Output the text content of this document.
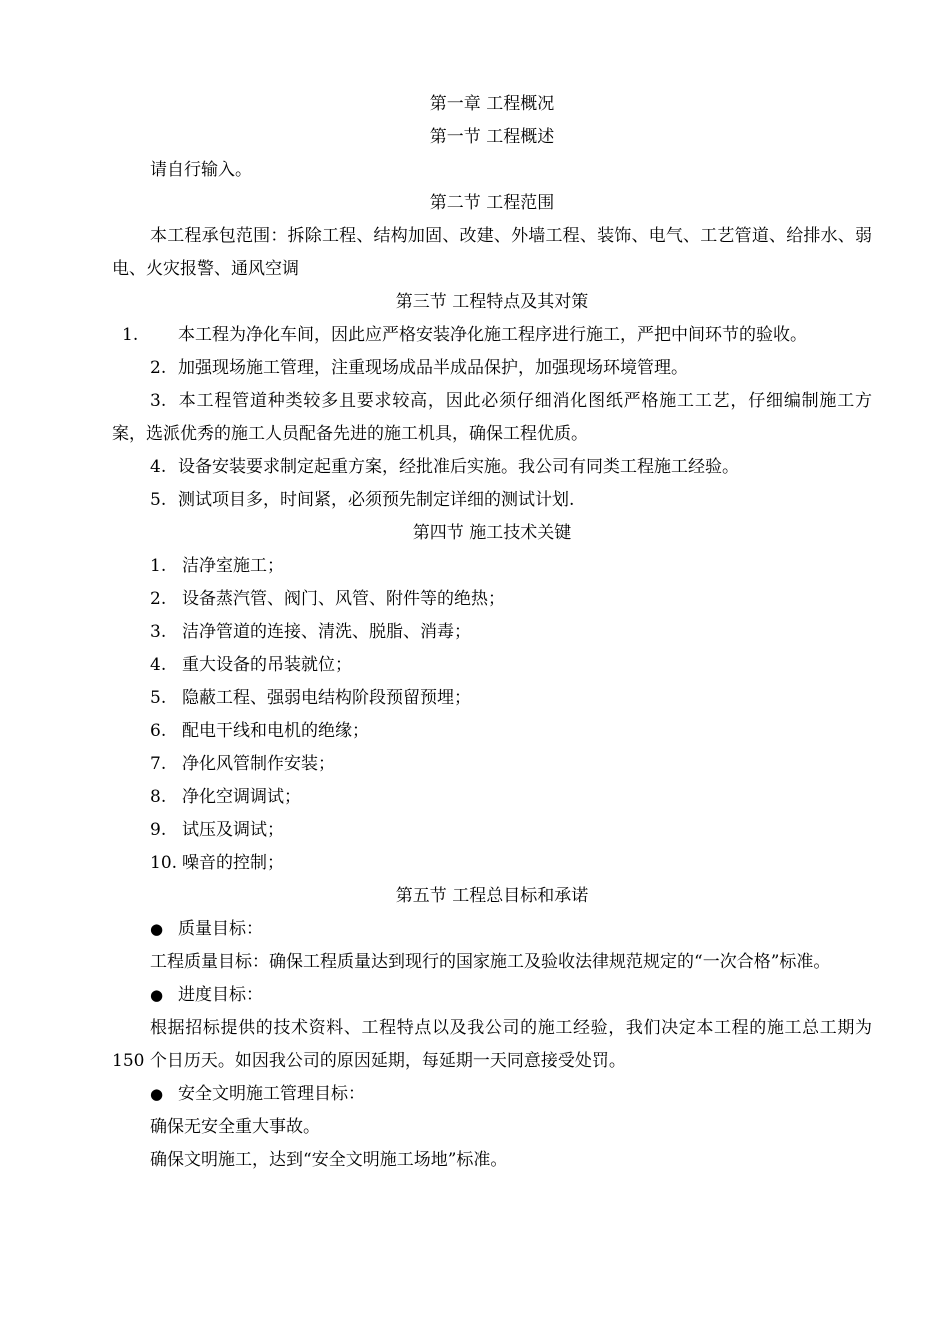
第一章 工程概况
第一节 工程概述

请自行输入。

第二节 工程范围

本工程承包范围：拆除工程、结构加固、改建、外墙工程、装饰、电气、工艺管道、给排水、弱电、火灾报警、通风空调

第三节 工程特点及其对策

1. 本工程为净化车间，因此应严格安装净化施工程序进行施工，严把中间环节的验收。

2. 加强现场施工管理，注重现场成品半成品保护，加强现场环境管理。

3. 本工程管道种类较多且要求较高，因此必须仔细消化图纸严格施工工艺，仔细编制施工方案，选派优秀的施工人员配备先进的施工机具，确保工程优质。

4. 设备安装要求制定起重方案，经批准后实施。我公司有同类工程施工经验。

5. 测试项目多，时间紧，必须预先制定详细的测试计划.

第四节 施工技术关键

1. 洁净室施工；

2. 设备蒸汽管、阀门、风管、附件等的绝热；

3. 洁净管道的连接、清洗、脱脂、消毒；

4. 重大设备的吊装就位；

5. 隐蔽工程、强弱电结构阶段预留预埋；

6. 配电干线和电机的绝缘；

7. 净化风管制作安装；

8. 净化空调调试；

9. 试压及调试；

10. 噪音的控制；

第五节 工程总目标和承诺

● 质量目标：

工程质量目标：确保工程质量达到现行的国家施工及验收法律规范规定的“一次合格”标准。

● 进度目标：

根据招标提供的技术资料、工程特点以及我公司的施工经验，我们决定本工程的施工总工期为 150 个日历天。如因我公司的原因延期，每延期一天同意接受处罚。

● 安全文明施工管理目标：

确保无安全重大事故。

确保文明施工，达到“安全文明施工场地”标准。
